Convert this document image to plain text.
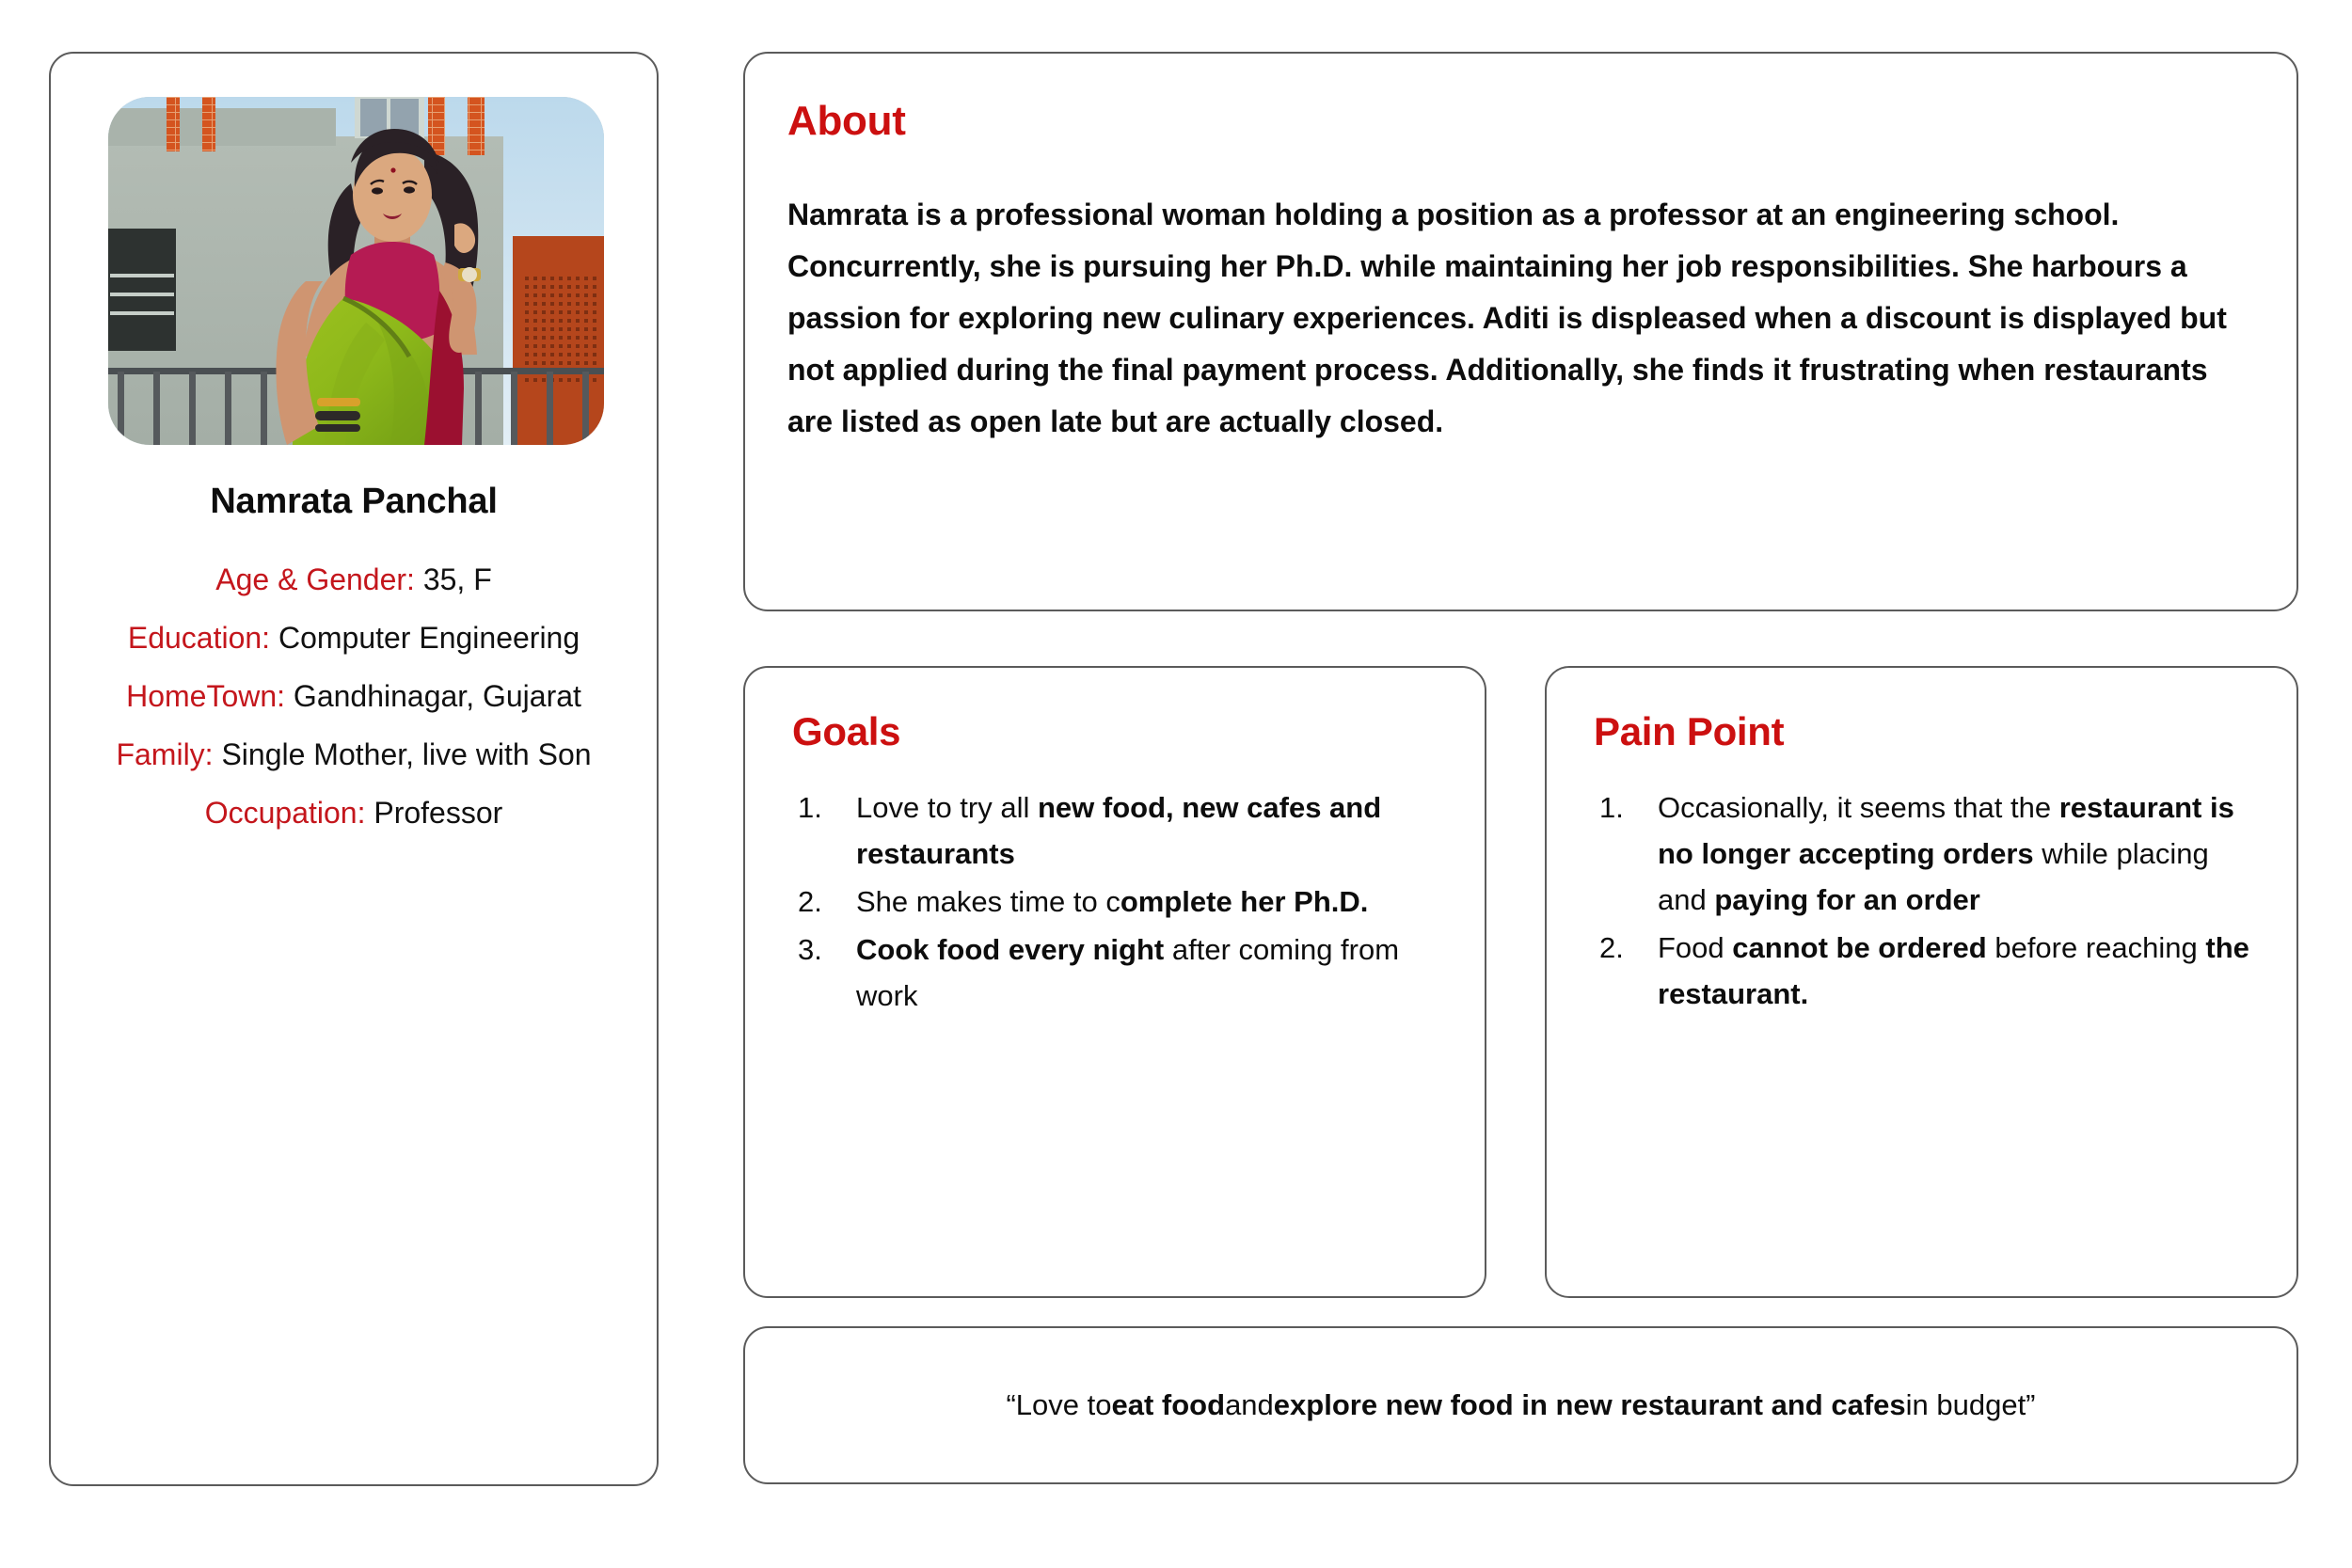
Namrata Panchal
Age & Gender: 35, F
Education: Computer Engineering
HomeTown: Gandhinagar, Gujarat
Family: Single Mother, live with Son
Occupation: Professor
About
Namrata is a professional woman holding a position as a professor at an engineering school. Concurrently, she is pursuing her Ph.D. while maintaining her job responsibilities. She harbours a passion for exploring new culinary experiences. Aditi is displeased when a discount is displayed but not applied during the final payment process. Additionally, she finds it frustrating when restaurants are listed as open late but are actually closed.
Goals
1.	Love to try all new food, new cafes and restaurants
2.	She makes time to complete her Ph.D.
3.	Cook food every night after coming from work
Pain Point
1.	Occasionally, it seems that the restaurant is no longer accepting orders while placing and paying for an order
2.	Food cannot be ordered before reaching the restaurant.
“Love to eat food and explore new food in new restaurant and cafes in budget”
